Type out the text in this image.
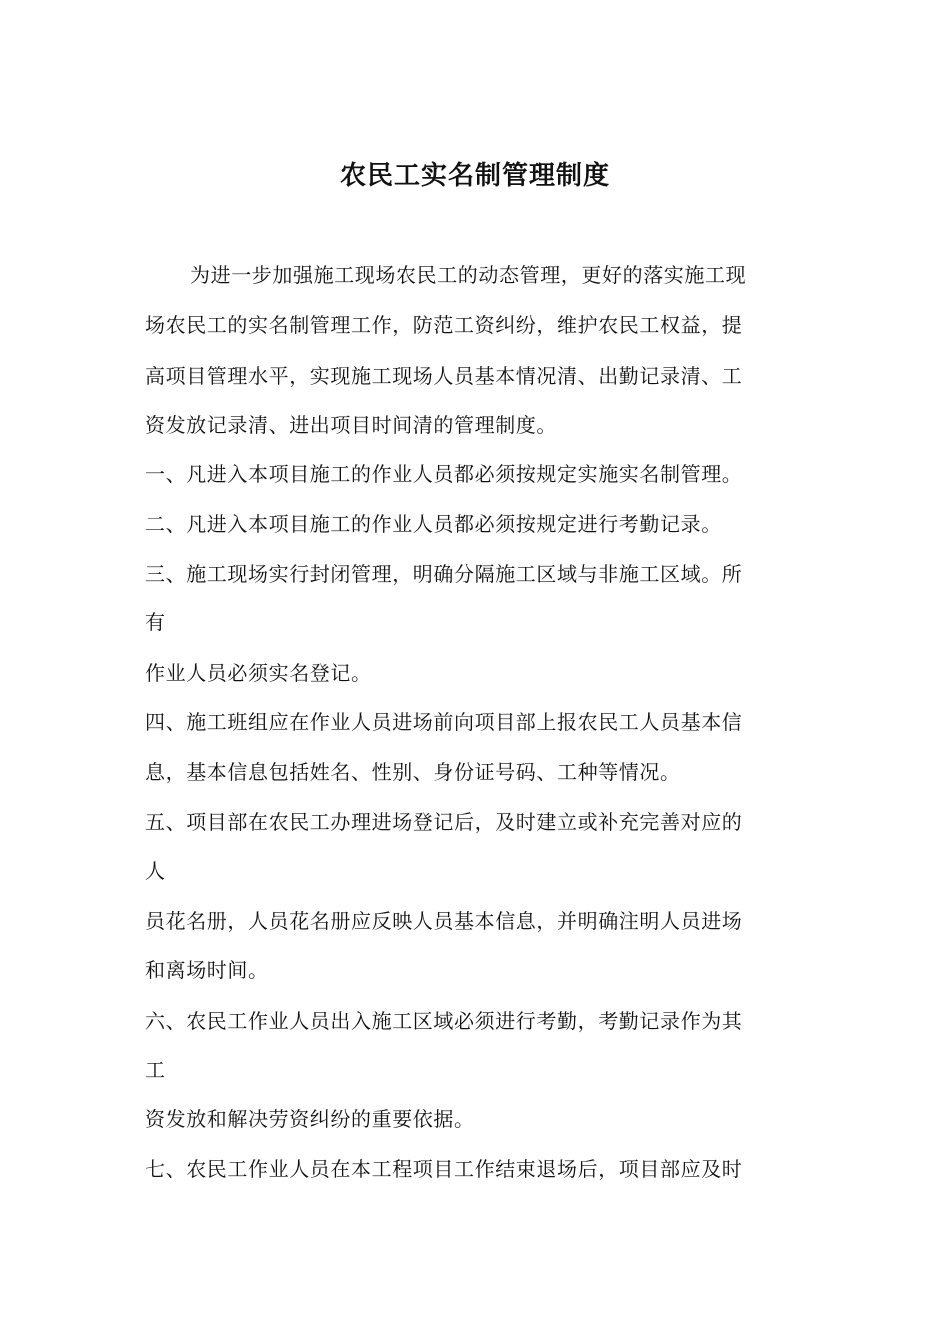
农民工实名制管理制度
为进一步加强施工现场农民工的动态管理，更好的落实施工现
场农民工的实名制管理工作，防范工资纠纷，维护农民工权益，提
高项目管理水平，实现施工现场人员基本情况清、出勤记录清、工
资发放记录清、进出项目时间清的管理制度。
一、凡进入本项目施工的作业人员都必须按规定实施实名制管理。
二、凡进入本项目施工的作业人员都必须按规定进行考勤记录。
三、施工现场实行封闭管理，明确分隔施工区域与非施工区域。所
有
作业人员必须实名登记。
四、施工班组应在作业人员进场前向项目部上报农民工人员基本信
息，基本信息包括姓名、性别、身份证号码、工种等情况。
五、项目部在农民工办理进场登记后，及时建立或补充完善对应的
人
员花名册，人员花名册应反映人员基本信息，并明确注明人员进场
和离场时间。
六、农民工作业人员出入施工区域必须进行考勤，考勤记录作为其
工
资发放和解决劳资纠纷的重要依据。
七、农民工作业人员在本工程项目工作结束退场后，项目部应及时
